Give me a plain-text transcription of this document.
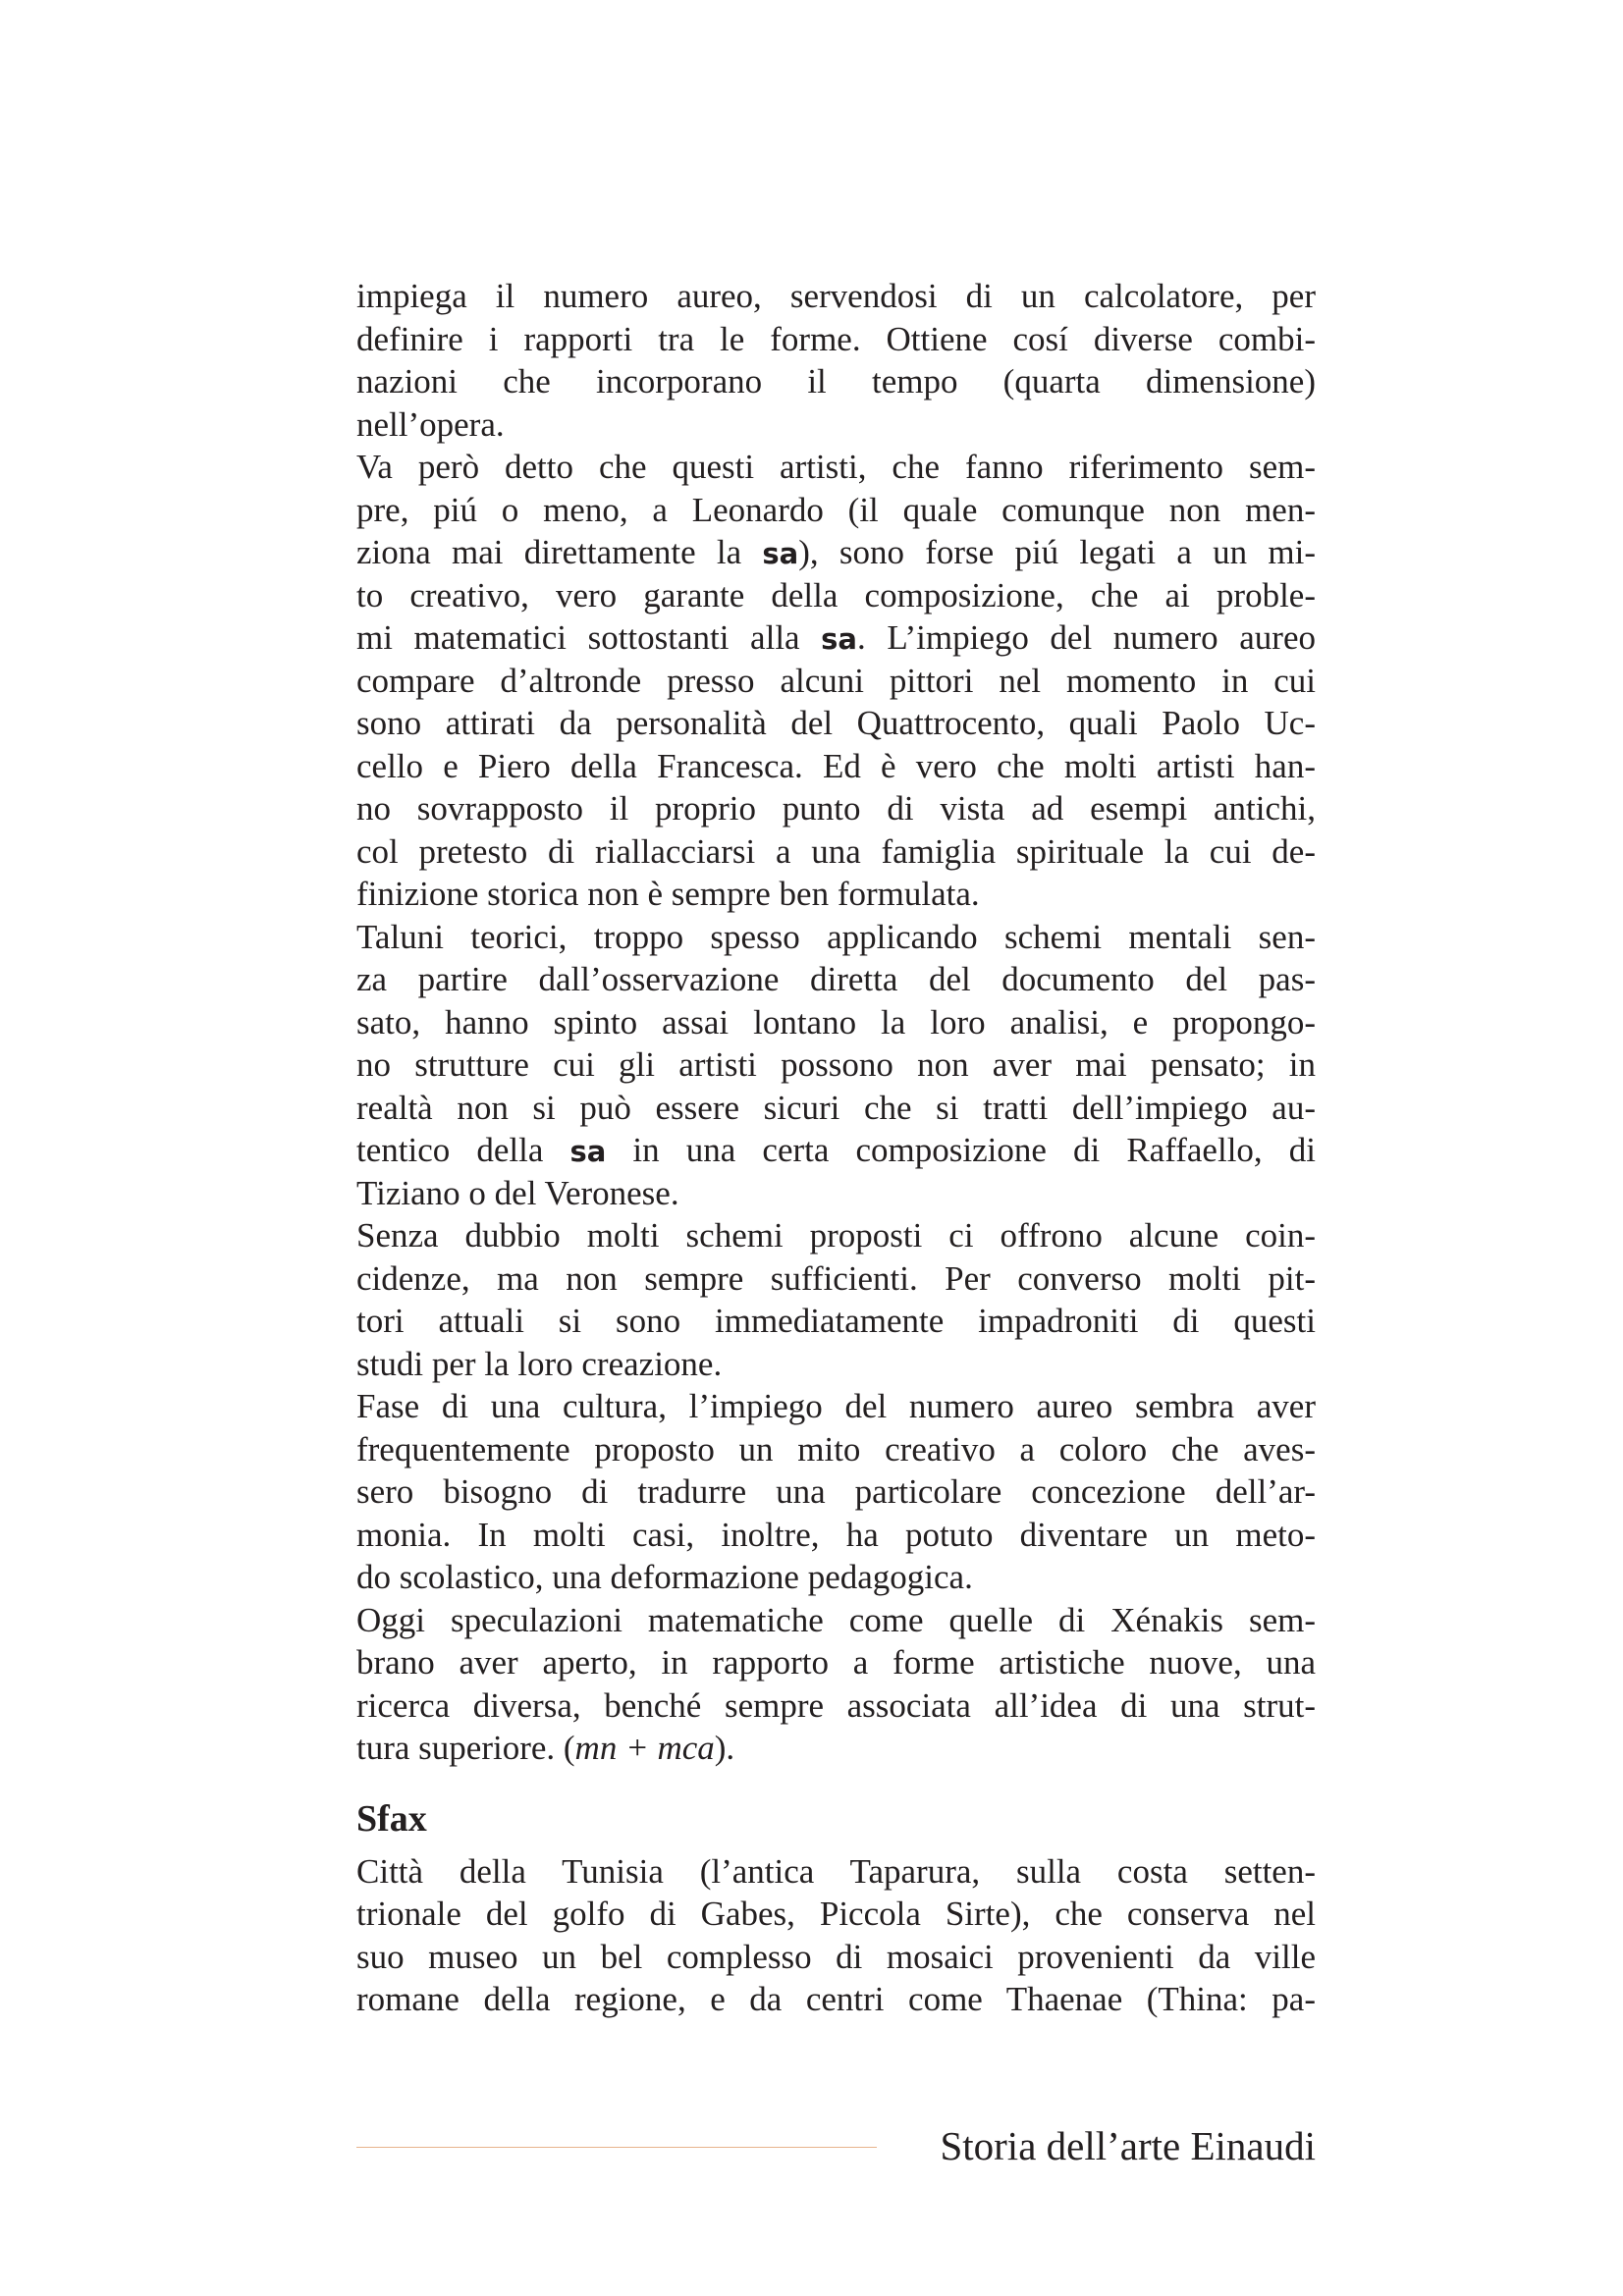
impiega il numero aureo, servendosi di un calcolatore, per
definire i rapporti tra le forme. Ottiene cosí diverse combi-
nazioni che incorporano il tempo (quarta dimensione)
nell’opera.
Va però detto che questi artisti, che fanno riferimento sem-
pre, piú o meno, a Leonardo (il quale comunque non men-
ziona mai direttamente la sa), sono forse piú legati a un mi-
to creativo, vero garante della composizione, che ai proble-
mi matematici sottostanti alla sa. L’impiego del numero aureo
compare d’altronde presso alcuni pittori nel momento in cui
sono attirati da personalità del Quattrocento, quali Paolo Uc-
cello e Piero della Francesca. Ed è vero che molti artisti han-
no sovrapposto il proprio punto di vista ad esempi antichi,
col pretesto di riallacciarsi a una famiglia spirituale la cui de-
finizione storica non è sempre ben formulata.
Taluni teorici, troppo spesso applicando schemi mentali sen-
za partire dall’osservazione diretta del documento del pas-
sato, hanno spinto assai lontano la loro analisi, e propongo-
no strutture cui gli artisti possono non aver mai pensato; in
realtà non si può essere sicuri che si tratti dell’impiego au-
tentico della sa in una certa composizione di Raffaello, di
Tiziano o del Veronese.
Senza dubbio molti schemi proposti ci offrono alcune coin-
cidenze, ma non sempre sufficienti. Per converso molti pit-
tori attuali si sono immediatamente impadroniti di questi
studi per la loro creazione.
Fase di una cultura, l’impiego del numero aureo sembra aver
frequentemente proposto un mito creativo a coloro che aves-
sero bisogno di tradurre una particolare concezione dell’ar-
monia. In molti casi, inoltre, ha potuto diventare un meto-
do scolastico, una deformazione pedagogica.
Oggi speculazioni matematiche come quelle di Xénakis sem-
brano aver aperto, in rapporto a forme artistiche nuove, una
ricerca diversa, benché sempre associata all’idea di una strut-
tura superiore. (mn + mca).
Sfax
Città della Tunisia (l’antica Taparura, sulla costa setten-
trionale del golfo di Gabes, Piccola Sirte), che conserva nel
suo museo un bel complesso di mosaici provenienti da ville
romane della regione, e da centri come Thaenae (Thina: pa-
Storia dell’arte Einaudi
